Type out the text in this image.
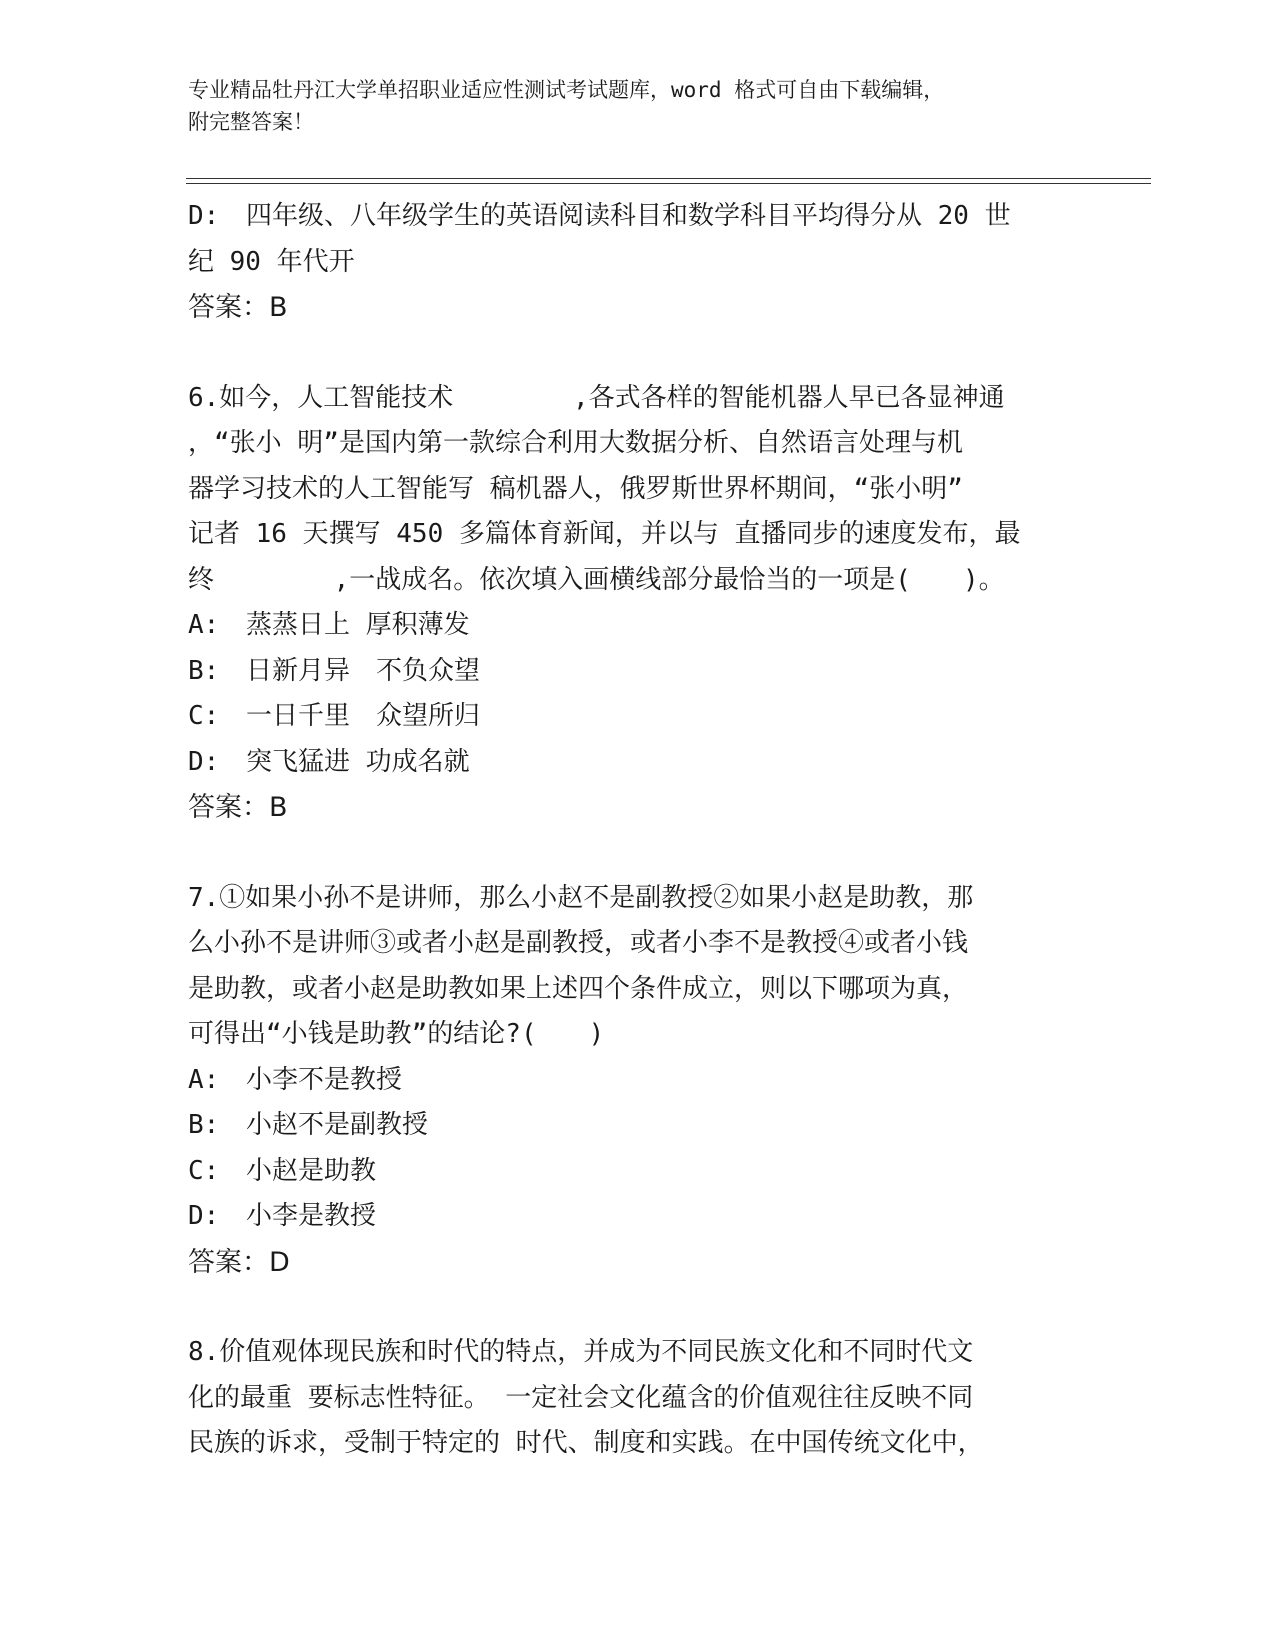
专业精品牡丹江大学单招职业适应性测试考试题库，word 格式可自由下载编辑，
附完整答案！
D: 四年级、八年级学生的英语阅读科目和数学科目平均得分从 20 世
纪 90 年代开
答案：B
6.如今，人工智能技术　　　　 ,各式各样的智能机器人早已各显神通
，“张小 明”是国内第一款综合利用大数据分析、自然语言处理与机
器学习技术的人工智能写 稿机器人，俄罗斯世界杯期间，“张小明”
记者 16 天撰写 450 多篇体育新闻，并以与 直播同步的速度发布，最
终　　　　 ,一战成名。依次填入画横线部分最恰当的一项是(　　)。
A: 蒸蒸日上 厚积薄发
B: 日新月异　不负众望
C: 一日千里　众望所归
D: 突飞猛进 功成名就
答案：B
7.①如果小孙不是讲师，那么小赵不是副教授②如果小赵是助教，那
么小孙不是讲师③或者小赵是副教授，或者小李不是教授④或者小钱
是助教，或者小赵是助教如果上述四个条件成立，则以下哪项为真，
可得出“小钱是助教”的结论?(　　)
A: 小李不是教授
B: 小赵不是副教授
C: 小赵是助教
D: 小李是教授
答案：D
8.价值观体现民族和时代的特点，并成为不同民族文化和不同时代文
化的最重 要标志性特征。 一定社会文化蕴含的价值观往往反映不同
民族的诉求，受制于特定的 时代、制度和实践。在中国传统文化中，
